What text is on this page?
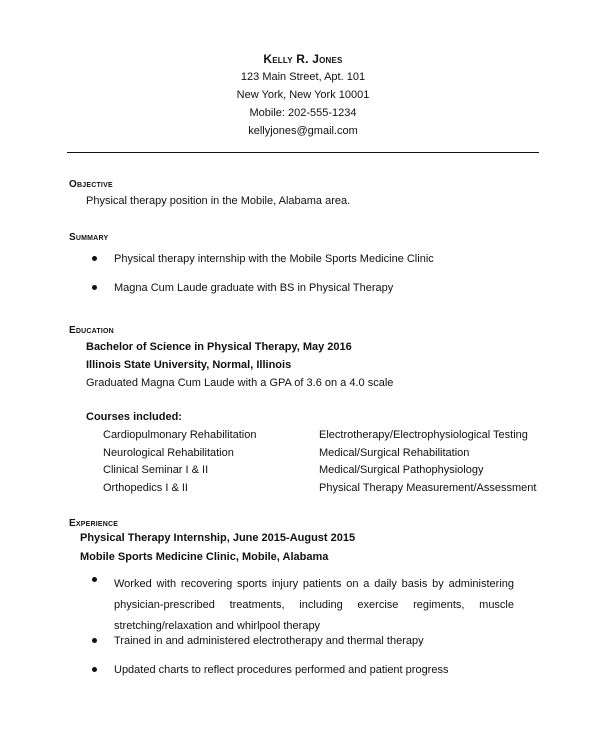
Kelly R. Jones
123 Main Street, Apt. 101
New York, New York 10001
Mobile: 202-555-1234
kellyjones@gmail.com
Objective
Physical therapy position in the Mobile, Alabama area.
Summary
Physical therapy internship with the Mobile Sports Medicine Clinic
Magna Cum Laude graduate with BS in Physical Therapy
Education
Bachelor of Science in Physical Therapy, May 2016
Illinois State University, Normal, Illinois
Graduated Magna Cum Laude with a GPA of 3.6 on a 4.0 scale
Courses included:
Cardiopulmonary Rehabilitation
Neurological Rehabilitation
Clinical Seminar I & II
Orthopedics I & II
Electrotherapy/Electrophysiological Testing
Medical/Surgical Rehabilitation
Medical/Surgical Pathophysiology
Physical Therapy Measurement/Assessment
Experience
Physical Therapy Internship, June 2015-August 2015
Mobile Sports Medicine Clinic, Mobile, Alabama
Worked with recovering sports injury patients on a daily basis by administering physician-prescribed treatments, including exercise regiments, muscle stretching/relaxation and whirlpool therapy
Trained in and administered electrotherapy and thermal therapy
Updated charts to reflect procedures performed and patient progress
